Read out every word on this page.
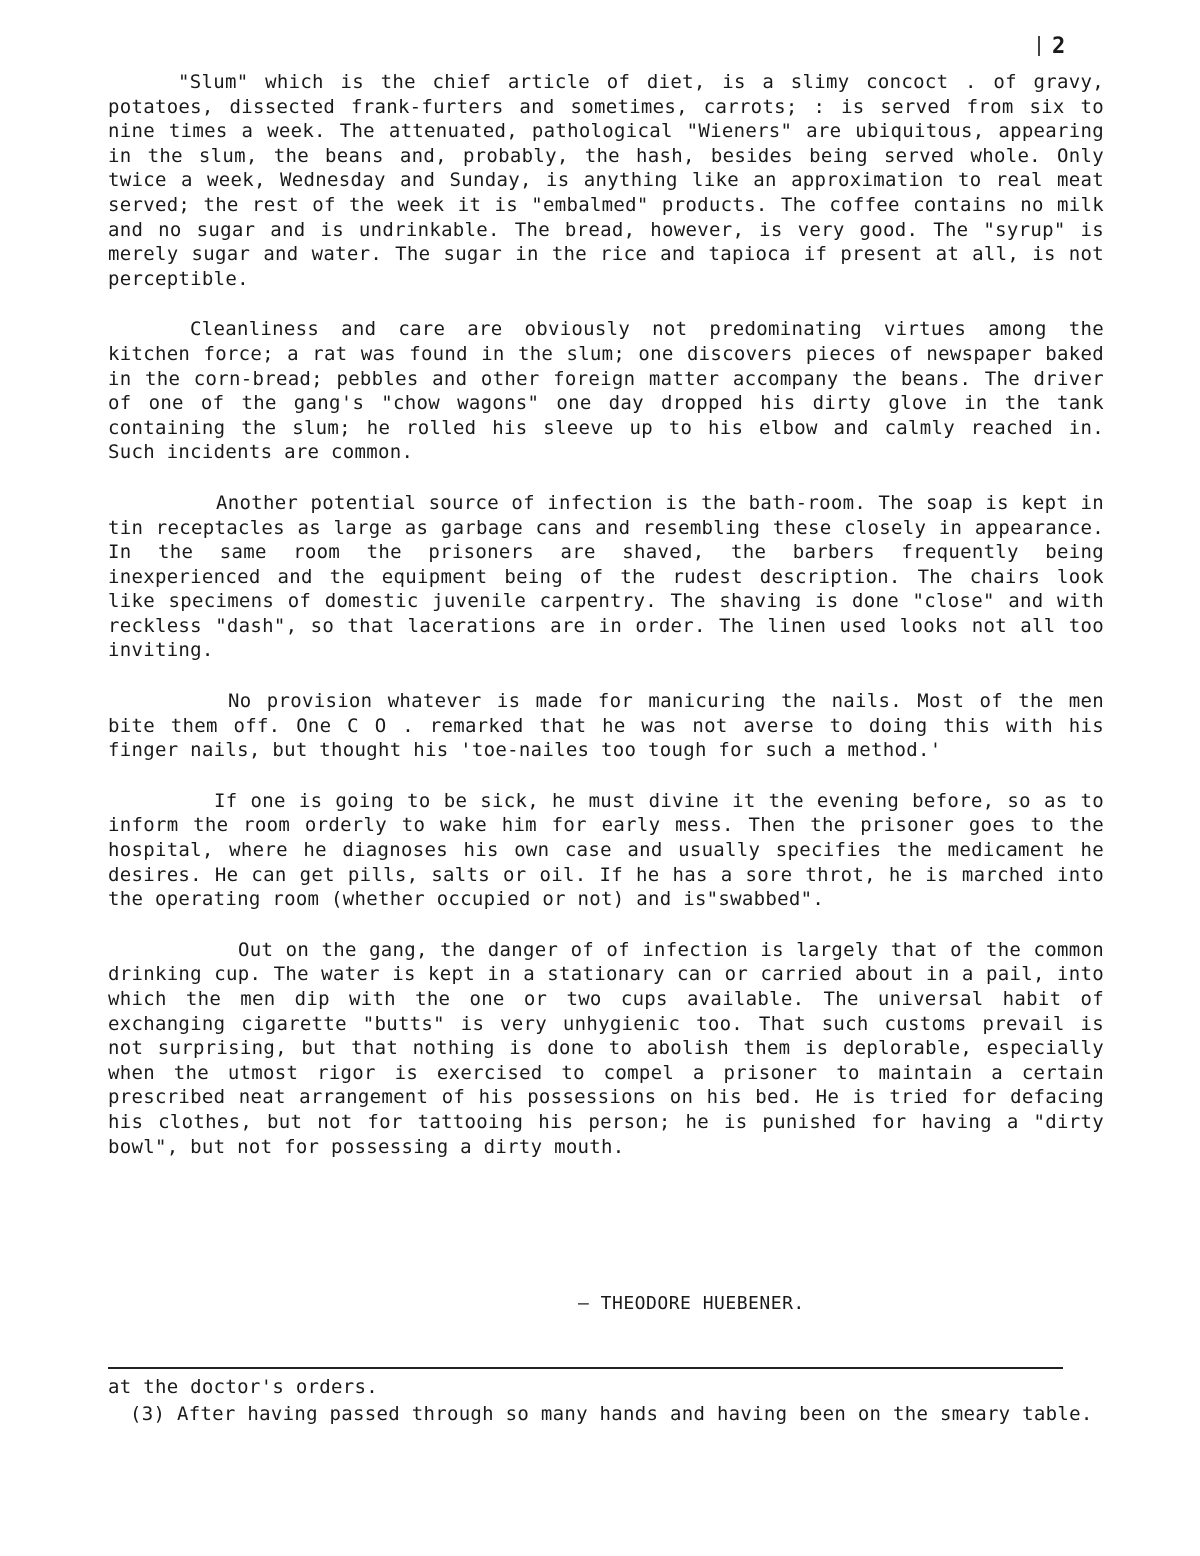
2

"Slum" which is the chief article of diet, is a slimy concoct . of gravy, potatoes, dissected frank-furters and sometimes, carrots; : is served from six to nine times a week. The attenuated, pathological "Wieners" are ubiquitous, appearing in the slum, the beans and, probably, the hash, besides being served whole. Only twice a week, Wednesday and Sunday, is anything like an approximation to real meat served; the rest of the week it is "embalmed" products. The coffee contains no milk and no sugar and is undrinkable. The bread, however, is very good. The "syrup" is merely sugar and water. The sugar in the rice and tapioca if present at all, is not perceptible.

Cleanliness and care are obviously not predominating virtues among the kitchen force; a rat was found in the slum; one discovers pieces of newspaper baked in the corn-bread; pebbles and other foreign matter accompany the beans. The driver of one of the gang's "chow wagons" one day dropped his dirty glove in the tank containing the slum; he rolled his sleeve up to his elbow and calmly reached in. Such incidents are common.

Another potential source of infection is the bath-room. The soap is kept in tin receptacles as large as garbage cans and resembling these closely in appearance. In the same room the prisoners are shaved, the barbers frequently being inexperienced and the equipment being of the rudest description. The chairs look like specimens of domestic juvenile carpentry. The shaving is done "close" and with reckless "dash", so that lacerations are in order. The linen used looks not all too inviting.

No provision whatever is made for manicuring the nails. Most of the men bite them off. One C O . remarked that he was not averse to doing this with his finger nails, but thought his 'toe-nailes too tough for such a method.'

If one is going to be sick, he must divine it the evening before, so as to inform the room orderly to wake him for early mess. Then the prisoner goes to the hospital, where he diagnoses his own case and usually specifies the medicament he desires. He can get pills, salts or oil. If he has a sore throt, he is marched into the operating room (whether occupied or not) and is"swabbed".

Out on the gang, the danger of of infection is largely that of the common drinking cup. The water is kept in a stationary can or carried about in a pail, into which the men dip with the one or two cups available. The universal habit of exchanging cigarette "butts" is very unhygienic too. That such customs prevail is not surprising, but that nothing is done to abolish them is deplorable, especially when the utmost rigor is exercised to compel a prisoner to maintain a certain prescribed neat arrangement of his possessions on his bed. He is tried for defacing his clothes, but not for tattooing his person; he is punished for having a "dirty bowl", but not for possessing a dirty mouth.

— THEODORE HUEBENER.
at the doctor's orders.
(3) After having passed through so many hands and having been on the smeary table.
